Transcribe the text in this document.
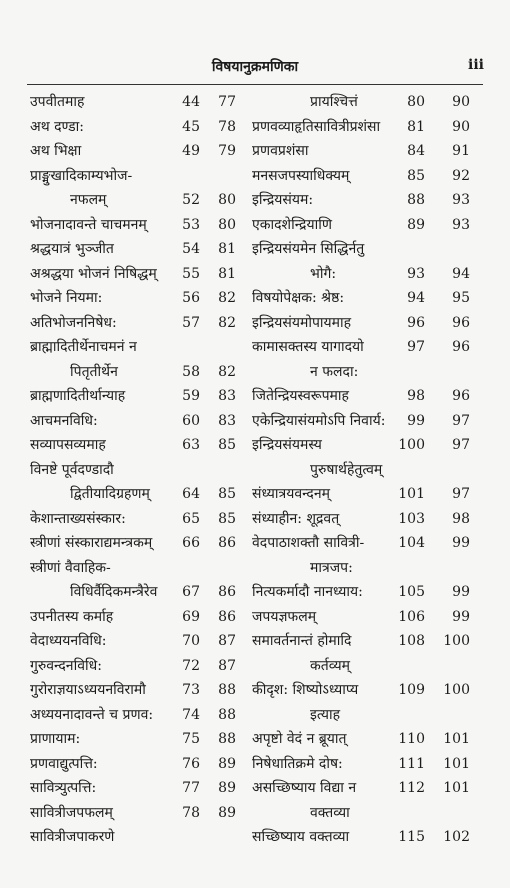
विषयानुक्रमणिका	iii
उपवीतमाह	44	77
अथ दण्डा:	45	78
अथ भिक्षा	49	79
प्राङ्मुखादिकाम्यभोज-
नफलम्	52	80
भोजनादावन्ते चाचमनम्	53	80
श्रद्धयात्रं भुञ्जीत	54	81
अश्रद्धया भोजनं निषिद्धम्	55	81
भोजने नियमा:	56	82
अतिभोजननिषेध:	57	82
ब्राह्मादितीर्थेनाचमनं न
पितृतीर्थेन	58	82
ब्राह्मणादितीर्थान्याह	59	83
आचमनविधि:	60	83
सव्यापसव्यमाह	63	85
विनष्टे पूर्वदण्डादौ
द्वितीयादिग्रहणम्	64	85
केशान्ताख्यसंस्कार:	65	85
स्त्रीणां संस्काराद्यमन्त्रकम्	66	86
स्त्रीणां वैवाहिक-
विधिर्वैदिकमन्त्रैरेव	67	86
उपनीतस्य कर्माह	69	86
वेदाध्ययनविधि:	70	87
गुरुवन्दनविधि:	72	87
गुरोराज्ञयाऽध्ययनविरामौ	73	88
अध्ययनादावन्ते च प्रणव:	74	88
प्राणायाम:	75	88
प्रणवाद्युत्पत्ति:	76	89
सावित्र्युत्पत्ति:	77	89
सावित्रीजपफलम्	78	89
सावित्रीजपाकरणे
प्रायश्चित्तं	80	90
प्रणवव्याहृतिसावित्रीप्रशंसा	81	90
प्रणवप्रशंसा	84	91
मनसजपस्याधिक्यम्	85	92
इन्द्रियसंयम:	88	93
एकादशेन्द्रियाणि	89	93
इन्द्रियसंयमेन सिद्धिर्नतु
भोगै:	93	94
विषयोपेक्षक: श्रेष्ठ:	94	95
इन्द्रियसंयमोपायमाह	96	96
कामासक्तस्य यागादयो	97	96
न फलदा:
जितेन्द्रियस्वरूपमाह	98	96
एकेन्द्रियासंयमोऽपि निवार्य:	99	97
इन्द्रियसंयमस्य	100	97
पुरुषार्थहेतुत्वम्
संध्यात्रयवन्दनम्	101	97
संध्याहीन: शूद्रवत्	103	98
वेदपाठाशक्तौ सावित्री-	104	99
मात्रजप:
नित्यकर्मादौ नानध्याय:	105	99
जपयज्ञफलम्	106	99
समावर्तनान्तं होमादि	108	100
कर्तव्यम्
कीदृश: शिष्योऽध्याप्य	109	100
इत्याह
अपृष्टो वेदं न ब्रूयात्	110	101
निषेधातिक्रमे दोष:	111	101
असच्छिष्याय विद्या न	112	101
वक्तव्या
सच्छिष्याय वक्तव्या	115	102
